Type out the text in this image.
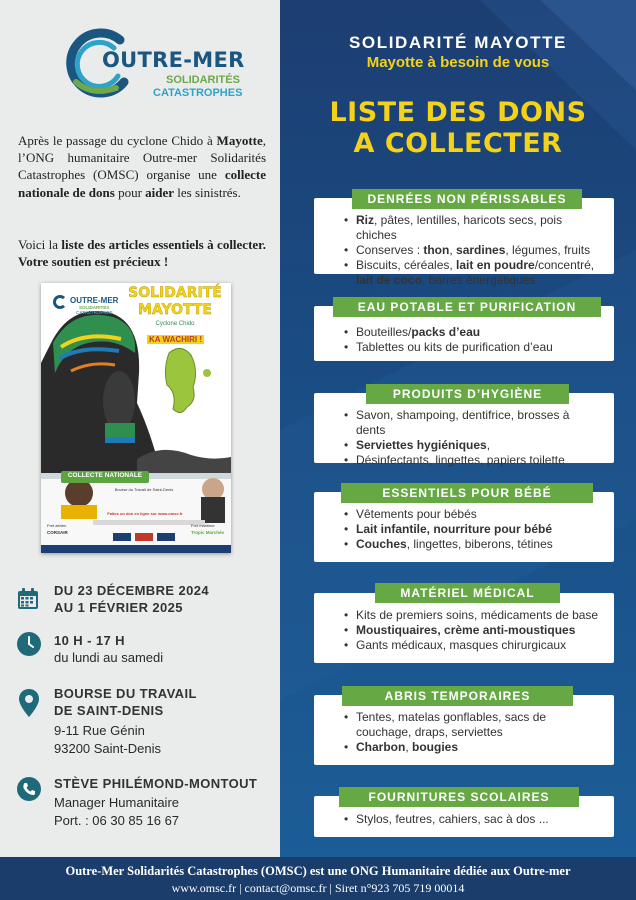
OUTRE-MER
SOLIDARITÉS
CATASTROPHES

Après le passage du cyclone Chido à Mayotte, l’ONG humanitaire Outre-mer Solidarités Catastrophes (OMSC) organise une collecte nationale de dons pour aider les sinistrés.

Voici la liste des articles essentiels à collecter. Votre soutien est précieux !

OUTRE-MER
SOLIDARITÉS
CATASTROPHES
SOLIDARITÉ
MAYOTTE
Cyclone Chido
KA WACHIRI !
COLLECTE NATIONALE
Bourse du Travail de Saint-Denis
Faites un don en ligne sur www.omsc.fr
Fret aérien
CORSAIR
Fret maritime
Tropic Marchés
DU 23 DÉCEMBRE 2024
AU 1 FÉVRIER 2025
10 H - 17 H
du lundi au samedi
BOURSE DU TRAVAIL
DE SAINT-DENIS
9-11 Rue Génin
93200 Saint-Denis
STÈVE PHILÉMOND-MONTOUT
Manager Humanitaire
Port. : 06 30 85 16 67
SOLIDARITÉ MAYOTTE
Mayotte à besoin de vous
LISTE DES DONS
A COLLECTER
• Riz, pâtes, lentilles, haricots secs, pois chiches
• Conserves : thon, sardines, légumes, fruits
• Biscuits, céréales, lait en poudre/concentré, lait de coco, barres énergétiques
DENRÉES NON PÉRISSABLES
• Bouteilles/packs d’eau
• Tablettes ou kits de purification d’eau
EAU POTABLE ET PURIFICATION
• Savon, shampoing, dentifrice, brosses à dents
• Serviettes hygiéniques,
• Désinfectants, lingettes, papiers toilette
PRODUITS D’HYGIÈNE
• Vêtements pour bébés
• Lait infantile, nourriture pour bébé
• Couches, lingettes, biberons, tétines
ESSENTIELS POUR BÉBÉ
• Kits de premiers soins, médicaments de base
• Moustiquaires, crème anti-moustiques
• Gants médicaux, masques chirurgicaux
MATÉRIEL MÉDICAL
• Tentes, matelas gonflables, sacs de couchage, draps, serviettes
• Charbon, bougies
ABRIS TEMPORAIRES
• Stylos, feutres, cahiers, sac à dos ...
FOURNITURES SCOLAIRES
Outre-Mer Solidarités Catastrophes (OMSC) est une ONG Humanitaire dédiée aux Outre-mer
www.omsc.fr | contact@omsc.fr | Siret n°923 705 719 00014
